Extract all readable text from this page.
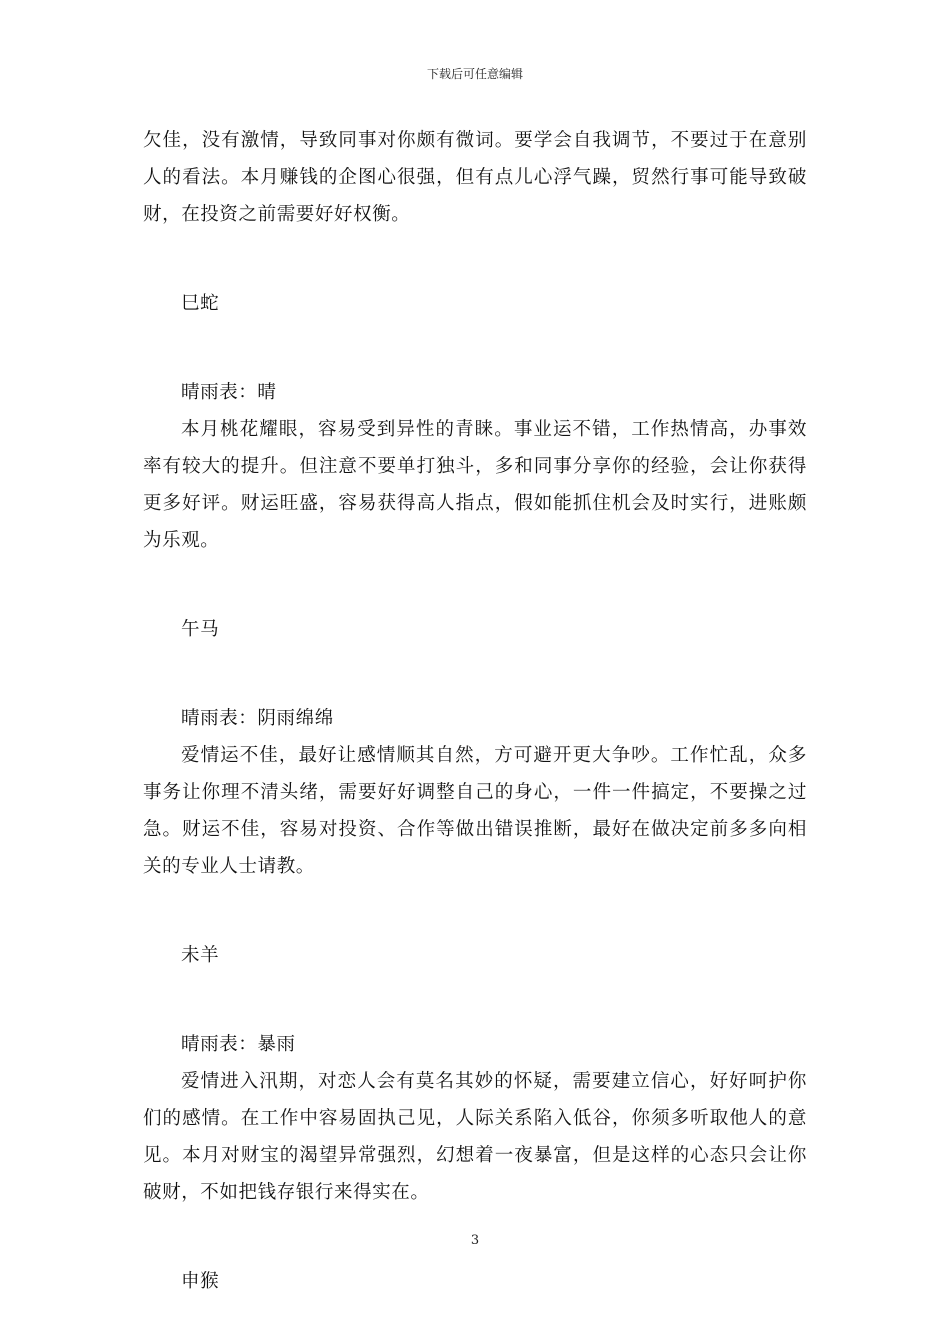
下载后可任意编辑

欠佳，没有激情，导致同事对你颇有微词。要学会自我调节，不要过于在意别人的看法。本月赚钱的企图心很强，但有点儿心浮气躁，贸然行事可能导致破财，在投资之前需要好好权衡。

巳蛇

晴雨表：晴

本月桃花耀眼，容易受到异性的青睐。事业运不错，工作热情高，办事效率有较大的提升。但注意不要单打独斗，多和同事分享你的经验，会让你获得更多好评。财运旺盛，容易获得高人指点，假如能抓住机会及时实行，进账颇为乐观。

午马

晴雨表：阴雨绵绵

爱情运不佳，最好让感情顺其自然，方可避开更大争吵。工作忙乱，众多事务让你理不清头绪，需要好好调整自己的身心，一件一件搞定，不要操之过急。财运不佳，容易对投资、合作等做出错误推断，最好在做决定前多多向相关的专业人士请教。

未羊

晴雨表：暴雨

爱情进入汛期，对恋人会有莫名其妙的怀疑，需要建立信心，好好呵护你们的感情。在工作中容易固执己见，人际关系陷入低谷，你须多听取他人的意见。本月对财宝的渴望异常强烈，幻想着一夜暴富，但是这样的心态只会让你破财，不如把钱存银行来得实在。

申猴

3
